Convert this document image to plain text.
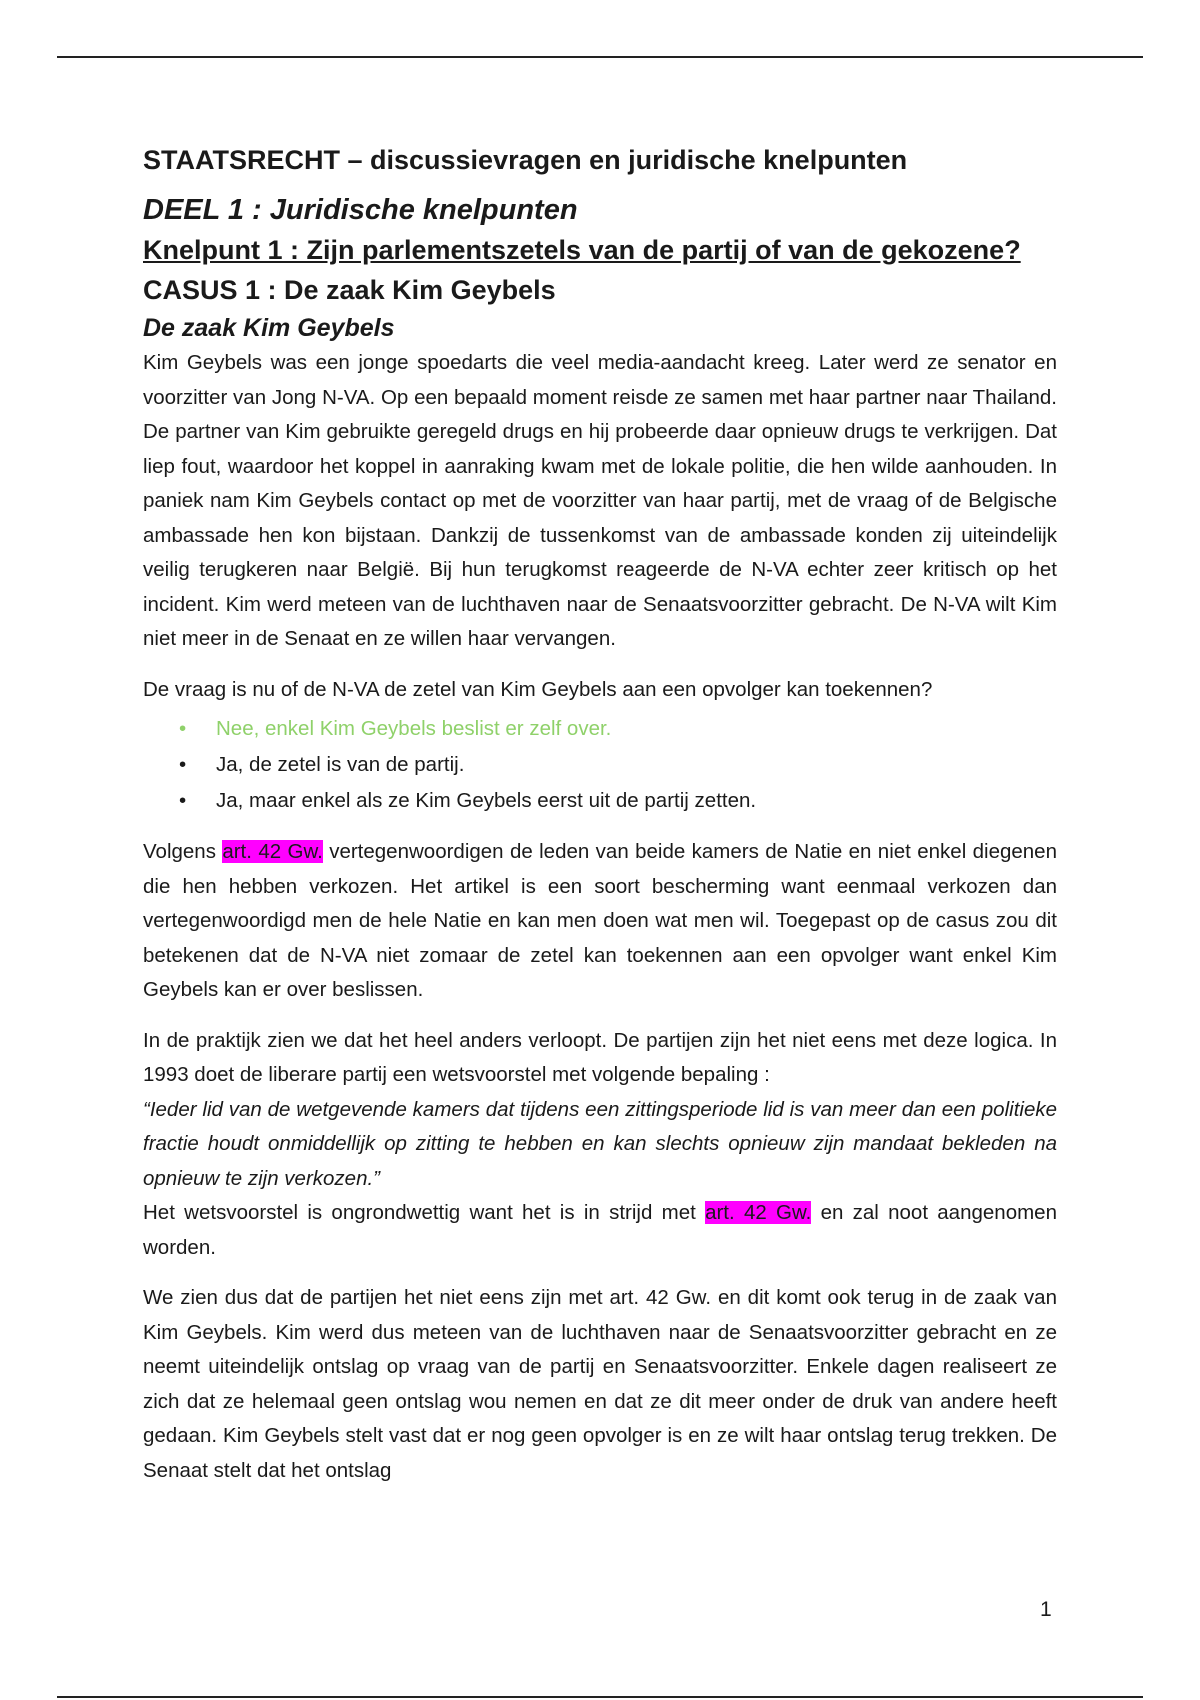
STAATSRECHT – discussievragen en juridische knelpunten
DEEL 1 : Juridische knelpunten
Knelpunt 1 : Zijn parlementszetels van de partij of van de gekozene?
CASUS 1 : De zaak Kim Geybels
De zaak Kim Geybels

Kim Geybels was een jonge spoedarts die veel media-aandacht kreeg. Later werd ze senator en voorzitter van Jong N-VA. Op een bepaald moment reisde ze samen met haar partner naar Thailand. De partner van Kim gebruikte geregeld drugs en hij probeerde daar opnieuw drugs te verkrijgen. Dat liep fout, waardoor het koppel in aanraking kwam met de lokale politie, die hen wilde aanhouden. In paniek nam Kim Geybels contact op met de voorzitter van haar partij, met de vraag of de Belgische ambassade hen kon bijstaan. Dankzij de tussenkomst van de ambassade konden zij uiteindelijk veilig terugkeren naar België. Bij hun terugkomst reageerde de N-VA echter zeer kritisch op het incident. Kim werd meteen van de luchthaven naar de Senaatsvoorzitter gebracht. De N-VA wilt Kim niet meer in de Senaat en ze willen haar vervangen.

De vraag is nu of de N-VA de zetel van Kim Geybels aan een opvolger kan toekennen?

• Nee, enkel Kim Geybels beslist er zelf over.
• Ja, de zetel is van de partij.
• Ja, maar enkel als ze Kim Geybels eerst uit de partij zetten.

Volgens art. 42 Gw. vertegenwoordigen de leden van beide kamers de Natie en niet enkel diegenen die hen hebben verkozen. Het artikel is een soort bescherming want eenmaal verkozen dan vertegenwoordigd men de hele Natie en kan men doen wat men wil. Toegepast op de casus zou dit betekenen dat de N-VA niet zomaar de zetel kan toekennen aan een opvolger want enkel Kim Geybels kan er over beslissen.

In de praktijk zien we dat het heel anders verloopt. De partijen zijn het niet eens met deze logica. In 1993 doet de liberare partij een wetsvoorstel met volgende bepaling :
“Ieder lid van de wetgevende kamers dat tijdens een zittingsperiode lid is van meer dan een politieke fractie houdt onmiddellijk op zitting te hebben en kan slechts opnieuw zijn mandaat bekleden na opnieuw te zijn verkozen.”
Het wetsvoorstel is ongrondwettig want het is in strijd met art. 42 Gw. en zal noot aangenomen worden.

We zien dus dat de partijen het niet eens zijn met art. 42 Gw. en dit komt ook terug in de zaak van Kim Geybels. Kim werd dus meteen van de luchthaven naar de Senaatsvoorzitter gebracht en ze neemt uiteindelijk ontslag op vraag van de partij en Senaatsvoorzitter. Enkele dagen realiseert ze zich dat ze helemaal geen ontslag wou nemen en dat ze dit meer onder de druk van andere heeft gedaan. Kim Geybels stelt vast dat er nog geen opvolger is en ze wilt haar ontslag terug trekken. De Senaat stelt dat het ontslag

1
